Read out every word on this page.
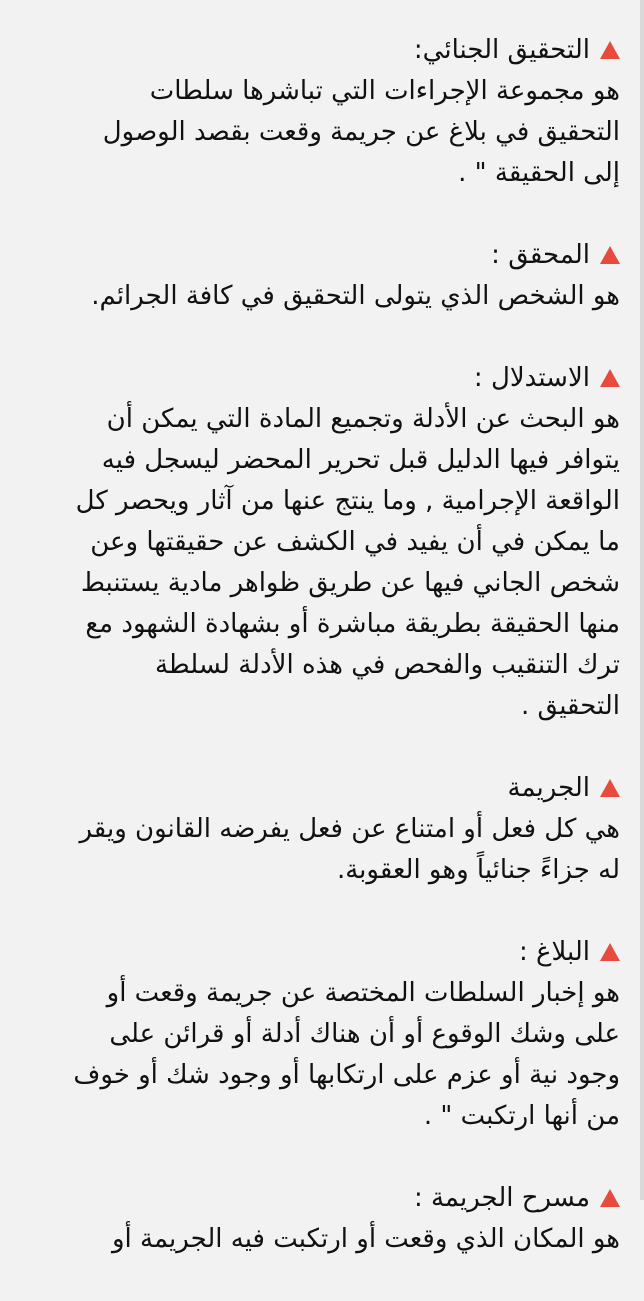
التحقيق الجنائي:
هو مجموعة الإجراءات التي تباشرها سلطات
التحقيق في بلاغ عن جريمة وقعت بقصد الوصول
إلى الحقيقة " .
المحقق :
هو الشخص الذي يتولى التحقيق في كافة الجرائم.
الاستدلال :
هو البحث عن الأدلة وتجميع المادة التي يمكن أن
يتوافر فيها الدليل قبل تحرير المحضر ليسجل فيه
الواقعة الإجرامية , وما ينتج عنها من آثار ويحصر كل
ما يمكن في أن يفيد في الكشف عن حقيقتها وعن
شخص الجاني فيها عن طريق ظواهر مادية يستنبط
منها الحقيقة بطريقة مباشرة أو بشهادة الشهود مع
ترك التنقيب والفحص في هذه الأدلة لسلطة
التحقيق .
الجريمة
هي كل فعل أو امتناع عن فعل يفرضه القانون ويقر
له جزاءً جنائياً وهو العقوبة.
البلاغ :
هو إخبار السلطات المختصة عن جريمة وقعت أو
على وشك الوقوع أو أن هناك أدلة أو قرائن على
وجود نية أو عزم على ارتكابها أو وجود شك أو خوف
من أنها ارتكبت " .
مسرح الجريمة :
هو المكان الذي وقعت أو ارتكبت فيه الجريمة أو
